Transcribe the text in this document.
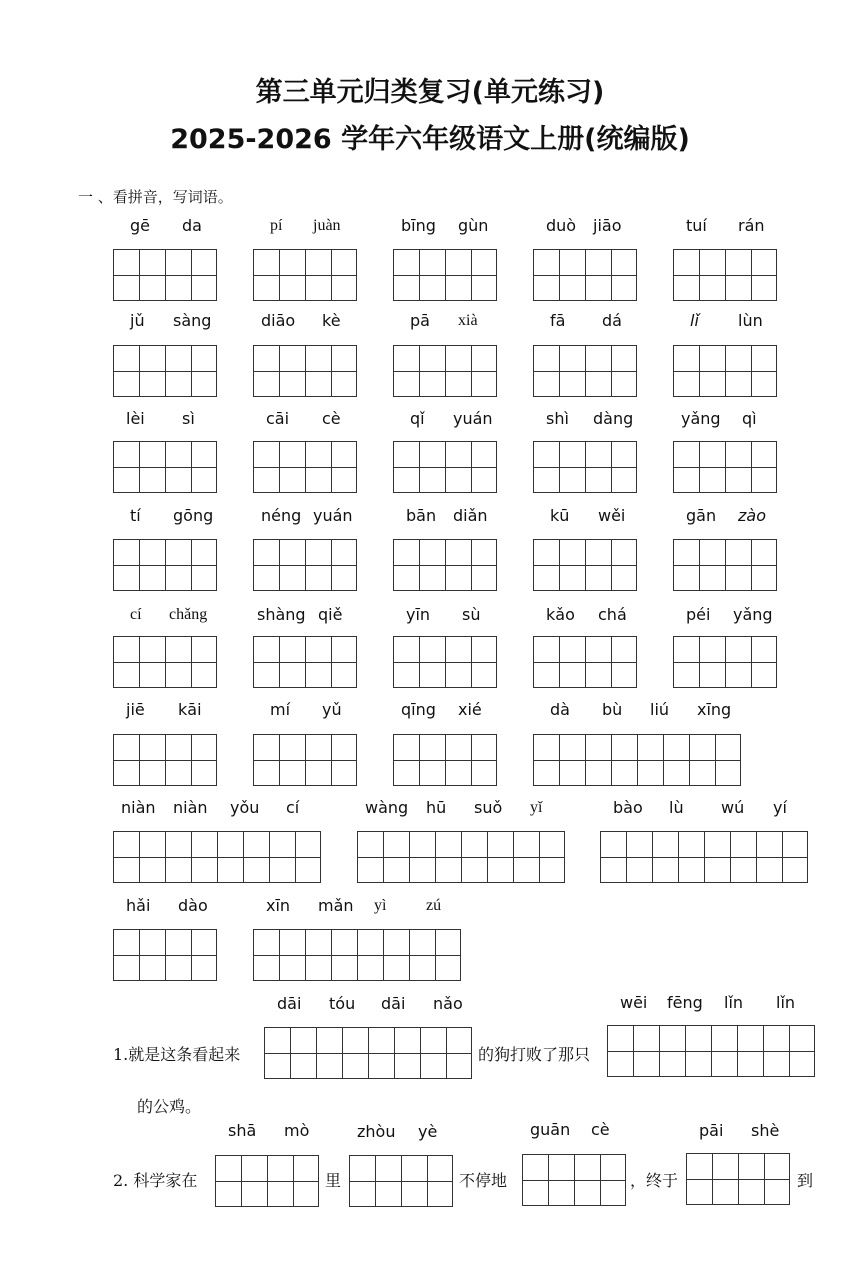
第三单元归类复习(单元练习)
2025-2026 学年六年级语文上册(统编版)
一 、看拼音，写词语。
gē da	pí juàn	bīng gùn	duò jiāo	tuí rán
jǔ sàng	diāo kè	pā xià	fā dá	lǐ lùn
lèi sì	cāi cè	qǐ yuán	shì dàng	yǎng qì
tí gōng	néng yuán	bān diǎn	kū wěi	gān zào
cí chǎng	shàng qiě	yīn sù	kǎo chá	péi yǎng
jiē kāi	mí yǔ	qīng xié	dà bù liú xīng
niàn niàn yǒu cí	wàng hū suǒ yǐ	bào lù wú yí
hǎi dào	xīn mǎn yì zú
dāi tóu dāi nǎo	wēi fēng lǐn lǐn
shā mò	zhòu yè	guān cè	pāi shè
1.就是这条看起来	的狗打败了那只
的公鸡。
2. 科学家在	里	不停地	，终于	到
